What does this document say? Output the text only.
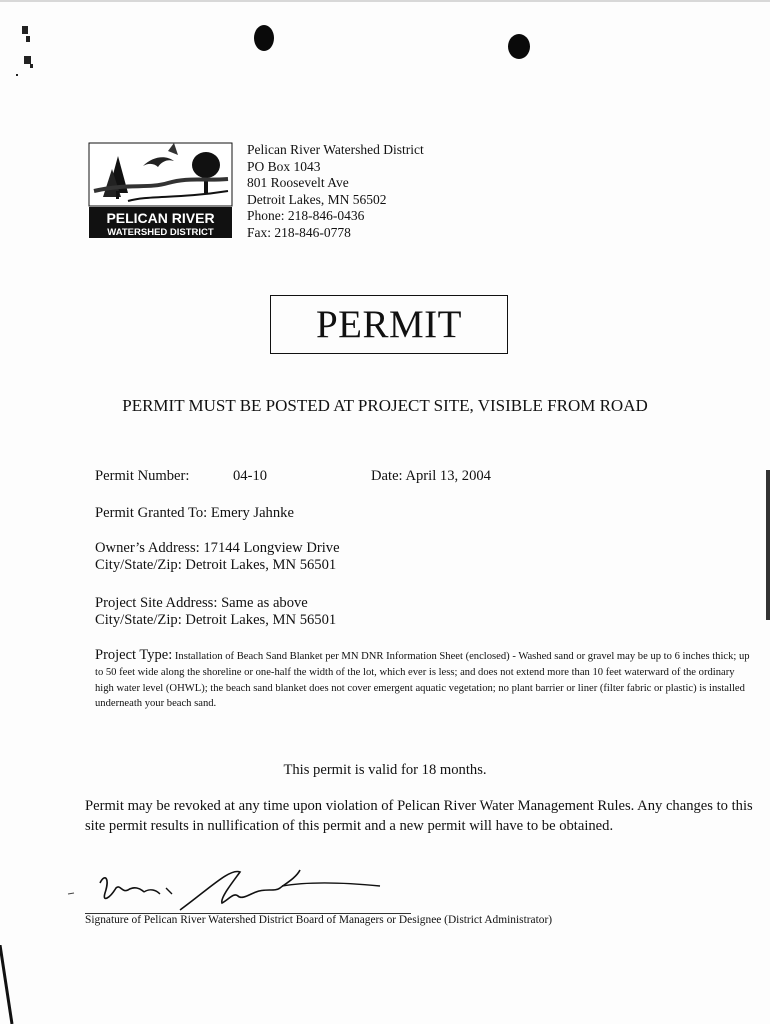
PELICAN RIVER
WATERSHED DISTRICT
Pelican River Watershed District
PO Box 1043
801 Roosevelt Ave
Detroit Lakes, MN 56502
Phone: 218-846-0436
Fax: 218-846-0778
PERMIT
PERMIT MUST BE POSTED AT PROJECT SITE, VISIBLE FROM ROAD
Permit Number:	04-10	Date: April 13, 2004
Permit Granted To: Emery Jahnke
Owner’s Address: 17144 Longview Drive
City/State/Zip: Detroit Lakes, MN 56501
Project Site Address: Same as above
City/State/Zip: Detroit Lakes, MN 56501
Project Type: Installation of Beach Sand Blanket per MN DNR Information Sheet (enclosed) - Washed sand or gravel may be up to 6 inches thick; up to 50 feet wide along the shoreline or one-half the width of the lot, which ever is less; and does not extend more than 10 feet waterward of the ordinary high water level (OHWL); the beach sand blanket does not cover emergent aquatic vegetation; no plant barrier or liner (filter fabric or plastic) is installed underneath your beach sand.
This permit is valid for 18 months.
Permit may be revoked at any time upon violation of Pelican River Water Management Rules. Any changes to this site permit results in nullification of this permit and a new permit will have to be obtained.
Signature of Pelican River Watershed District Board of Managers or Designee (District Administrator)
